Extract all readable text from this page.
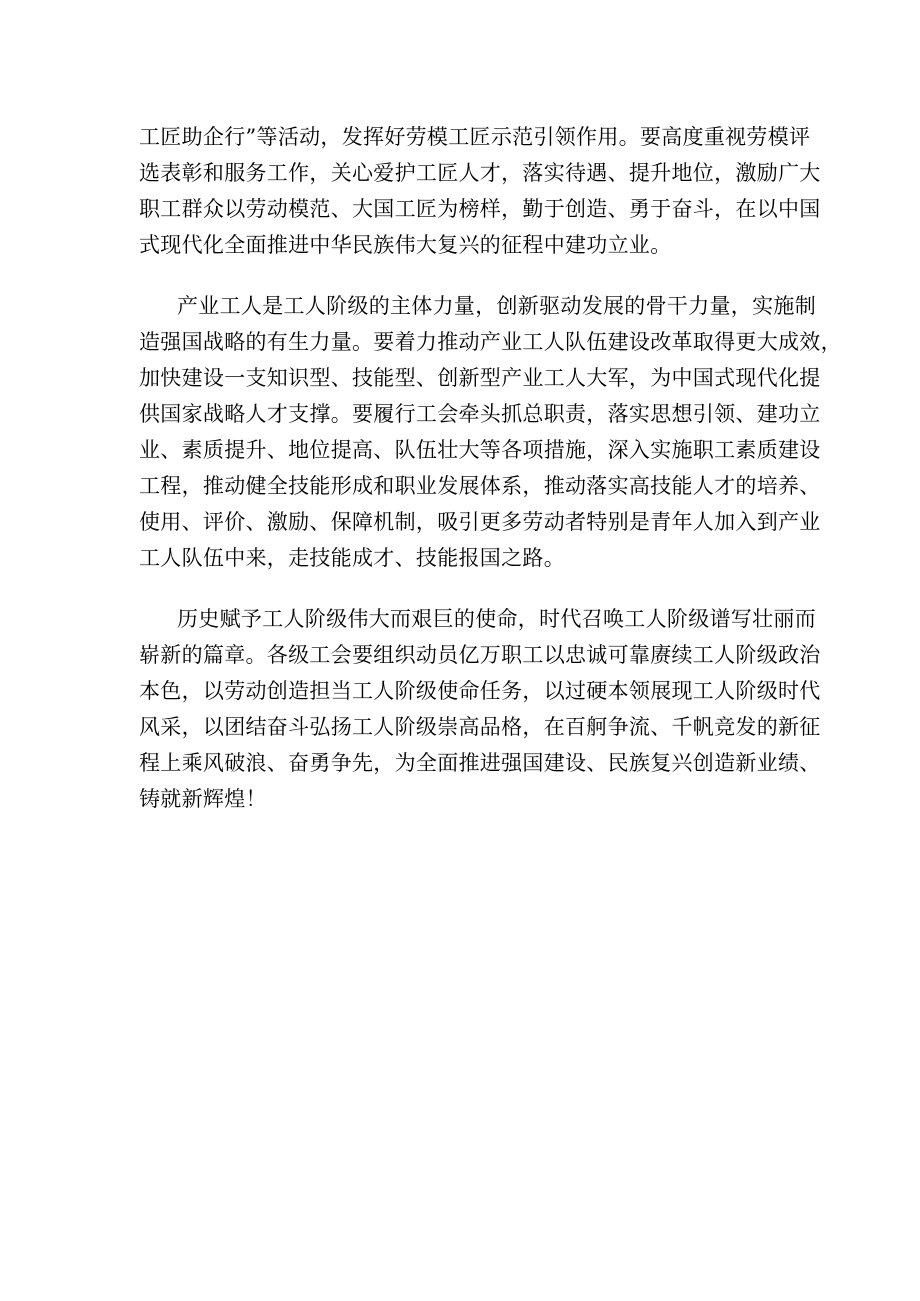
工匠助企行”等活动，发挥好劳模工匠示范引领作用。要高度重视劳模评
选表彰和服务工作，关心爱护工匠人才，落实待遇、提升地位，激励广大
职工群众以劳动模范、大国工匠为榜样，勤于创造、勇于奋斗，在以中国
式现代化全面推进中华民族伟大复兴的征程中建功立业。
产业工人是工人阶级的主体力量，创新驱动发展的骨干力量，实施制
造强国战略的有生力量。要着力推动产业工人队伍建设改革取得更大成效，
加快建设一支知识型、技能型、创新型产业工人大军，为中国式现代化提
供国家战略人才支撑。要履行工会牵头抓总职责，落实思想引领、建功立
业、素质提升、地位提高、队伍壮大等各项措施，深入实施职工素质建设
工程，推动健全技能形成和职业发展体系，推动落实高技能人才的培养、
使用、评价、激励、保障机制，吸引更多劳动者特别是青年人加入到产业
工人队伍中来，走技能成才、技能报国之路。
历史赋予工人阶级伟大而艰巨的使命，时代召唤工人阶级谱写壮丽而
崭新的篇章。各级工会要组织动员亿万职工以忠诚可靠赓续工人阶级政治
本色，以劳动创造担当工人阶级使命任务，以过硬本领展现工人阶级时代
风采，以团结奋斗弘扬工人阶级崇高品格，在百舸争流、千帆竞发的新征
程上乘风破浪、奋勇争先，为全面推进强国建设、民族复兴创造新业绩、
铸就新辉煌！
